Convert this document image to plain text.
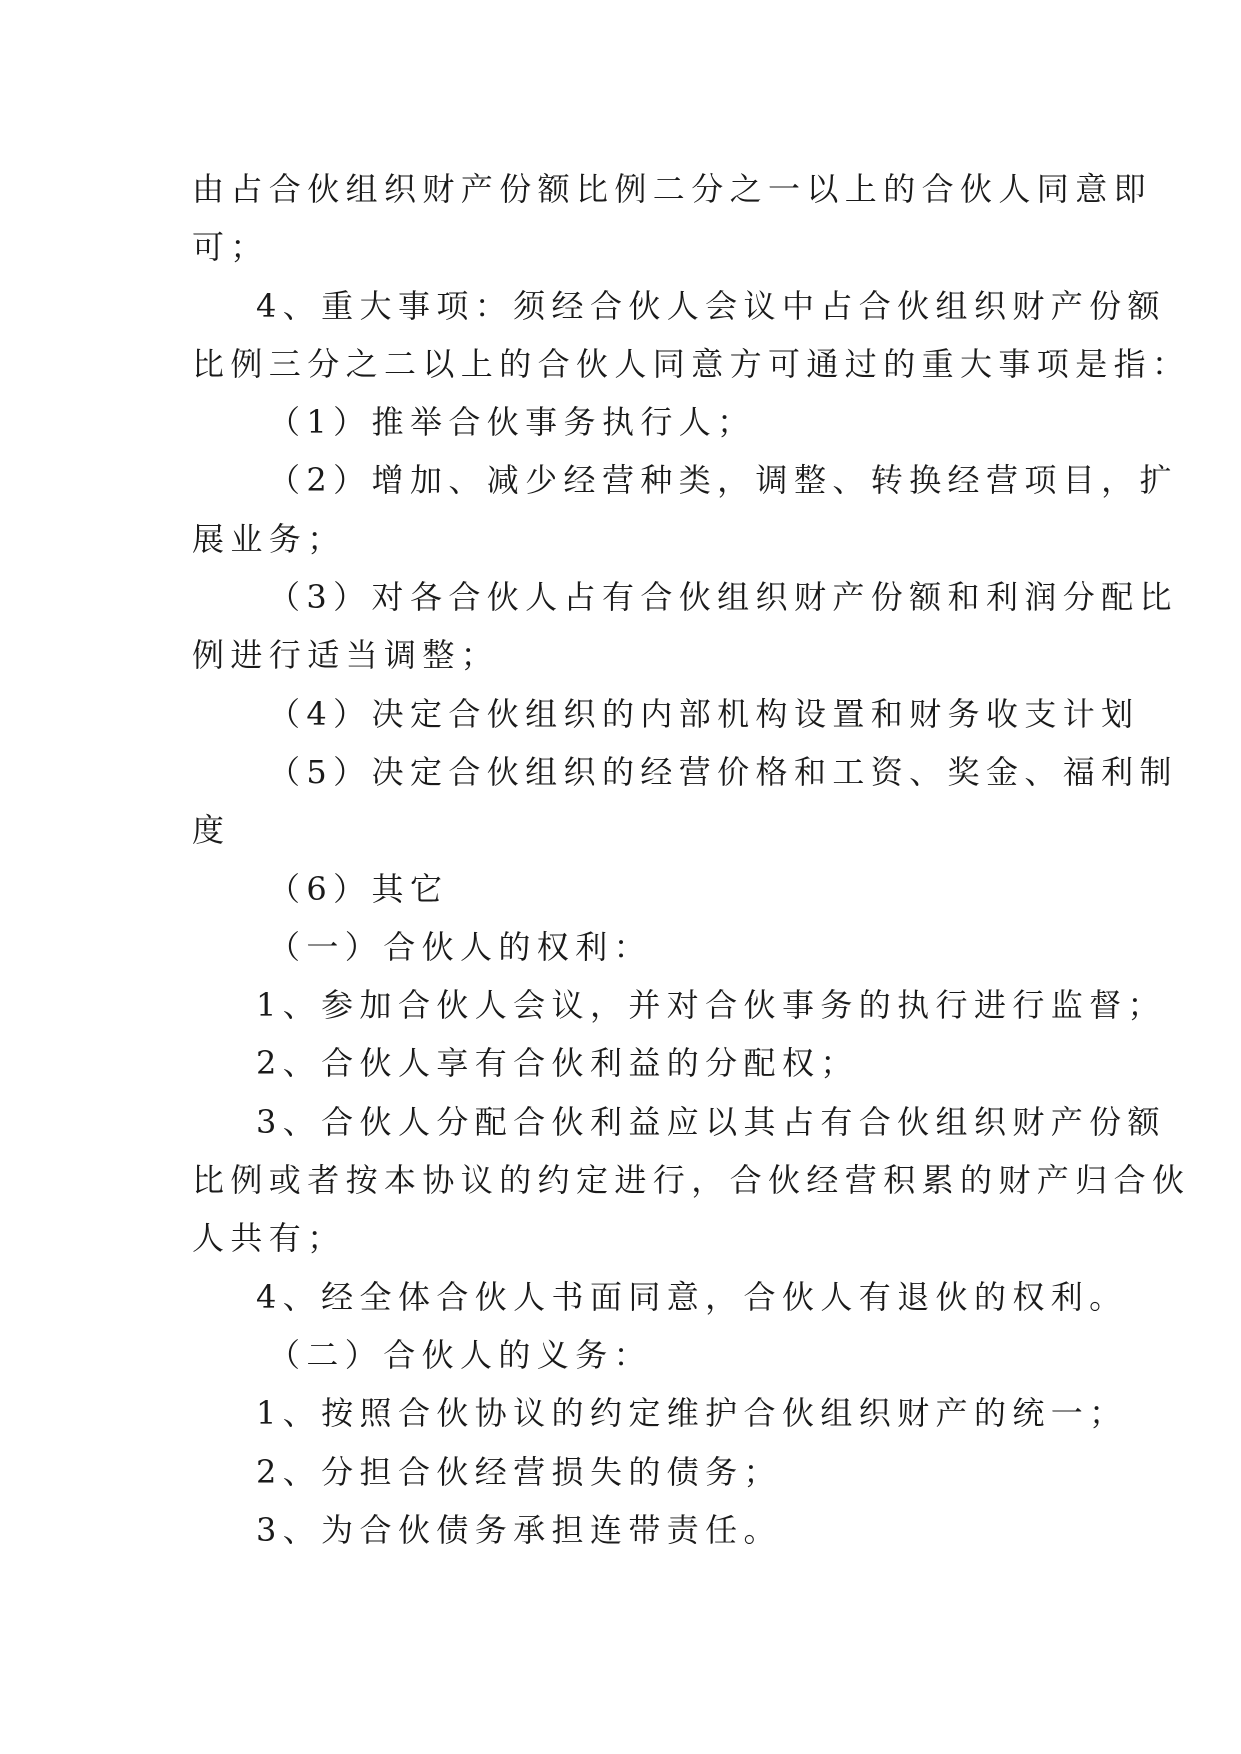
由占合伙组织财产份额比例二分之一以上的合伙人同意即
可；
4、重大事项：须经合伙人会议中占合伙组织财产份额
比例三分之二以上的合伙人同意方可通过的重大事项是指：
（1）推举合伙事务执行人；
（2）增加、减少经营种类，调整、转换经营项目，扩
展业务；
（3）对各合伙人占有合伙组织财产份额和利润分配比
例进行适当调整；
（4）决定合伙组织的内部机构设置和财务收支计划
（5）决定合伙组织的经营价格和工资、奖金、福利制
度
（6）其它
（一）合伙人的权利：
1、参加合伙人会议，并对合伙事务的执行进行监督；
2、合伙人享有合伙利益的分配权；
3、合伙人分配合伙利益应以其占有合伙组织财产份额
比例或者按本协议的约定进行，合伙经营积累的财产归合伙
人共有；
4、经全体合伙人书面同意，合伙人有退伙的权利。
（二）合伙人的义务：
1、按照合伙协议的约定维护合伙组织财产的统一；
2、分担合伙经营损失的债务；
3、为合伙债务承担连带责任。
